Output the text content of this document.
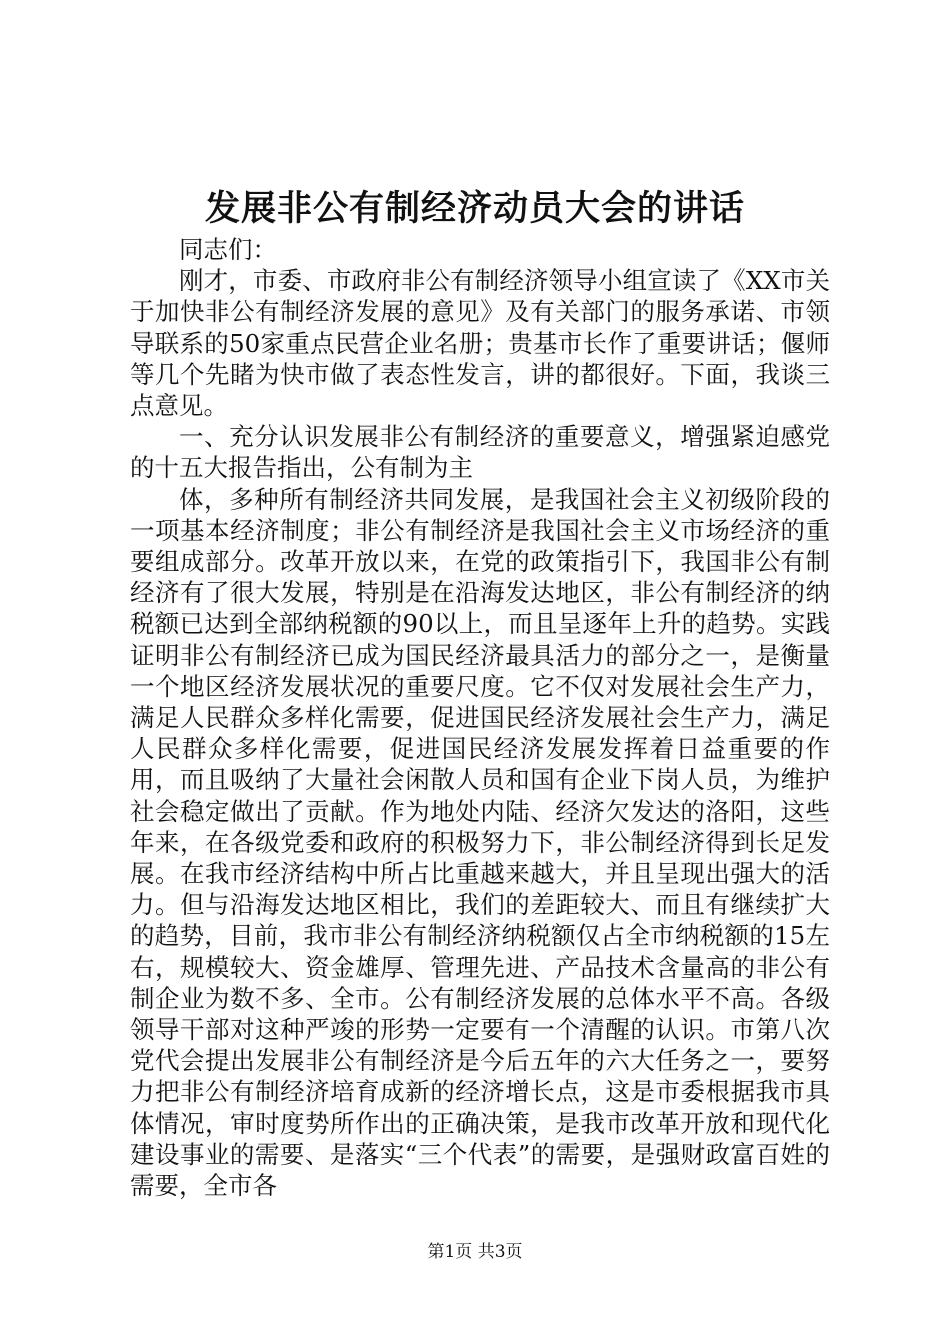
发展非公有制经济动员大会的讲话

同志们：

刚才，市委、市政府非公有制经济领导小组宣读了《XX市关于加快非公有制经济发展的意见》及有关部门的服务承诺、市领导联系的50家重点民营企业名册；贵基市长作了重要讲话；偃师等几个先睹为快市做了表态性发言，讲的都很好。下面，我谈三点意见。

一、充分认识发展非公有制经济的重要意义，增强紧迫感党的十五大报告指出，公有制为主

体，多种所有制经济共同发展，是我国社会主义初级阶段的一项基本经济制度；非公有制经济是我国社会主义市场经济的重要组成部分。改革开放以来，在党的政策指引下，我国非公有制经济有了很大发展，特别是在沿海发达地区，非公有制经济的纳税额已达到全部纳税额的90以上，而且呈逐年上升的趋势。实践证明非公有制经济已成为国民经济最具活力的部分之一，是衡量一个地区经济发展状况的重要尺度。它不仅对发展社会生产力，满足人民群众多样化需要，促进国民经济发展社会生产力，满足人民群众多样化需要，促进国民经济发展发挥着日益重要的作用，而且吸纳了大量社会闲散人员和国有企业下岗人员，为维护社会稳定做出了贡献。作为地处内陆、经济欠发达的洛阳，这些年来，在各级党委和政府的积极努力下，非公制经济得到长足发展。在我市经济结构中所占比重越来越大，并且呈现出强大的活力。但与沿海发达地区相比，我们的差距较大、而且有继续扩大的趋势，目前，我市非公有制经济纳税额仅占全市纳税额的15左右，规模较大、资金雄厚、管理先进、产品技术含量高的非公有制企业为数不多、全市。公有制经济发展的总体水平不高。各级领导干部对这种严竣的形势一定要有一个清醒的认识。市第八次党代会提出发展非公有制经济是今后五年的六大任务之一，要努力把非公有制经济培育成新的经济增长点，这是市委根据我市具体情况，审时度势所作出的正确决策，是我市改革开放和现代化建设事业的需要、是落实“三个代表”的需要，是强财政富百姓的需要，全市各

第1页 共3页
